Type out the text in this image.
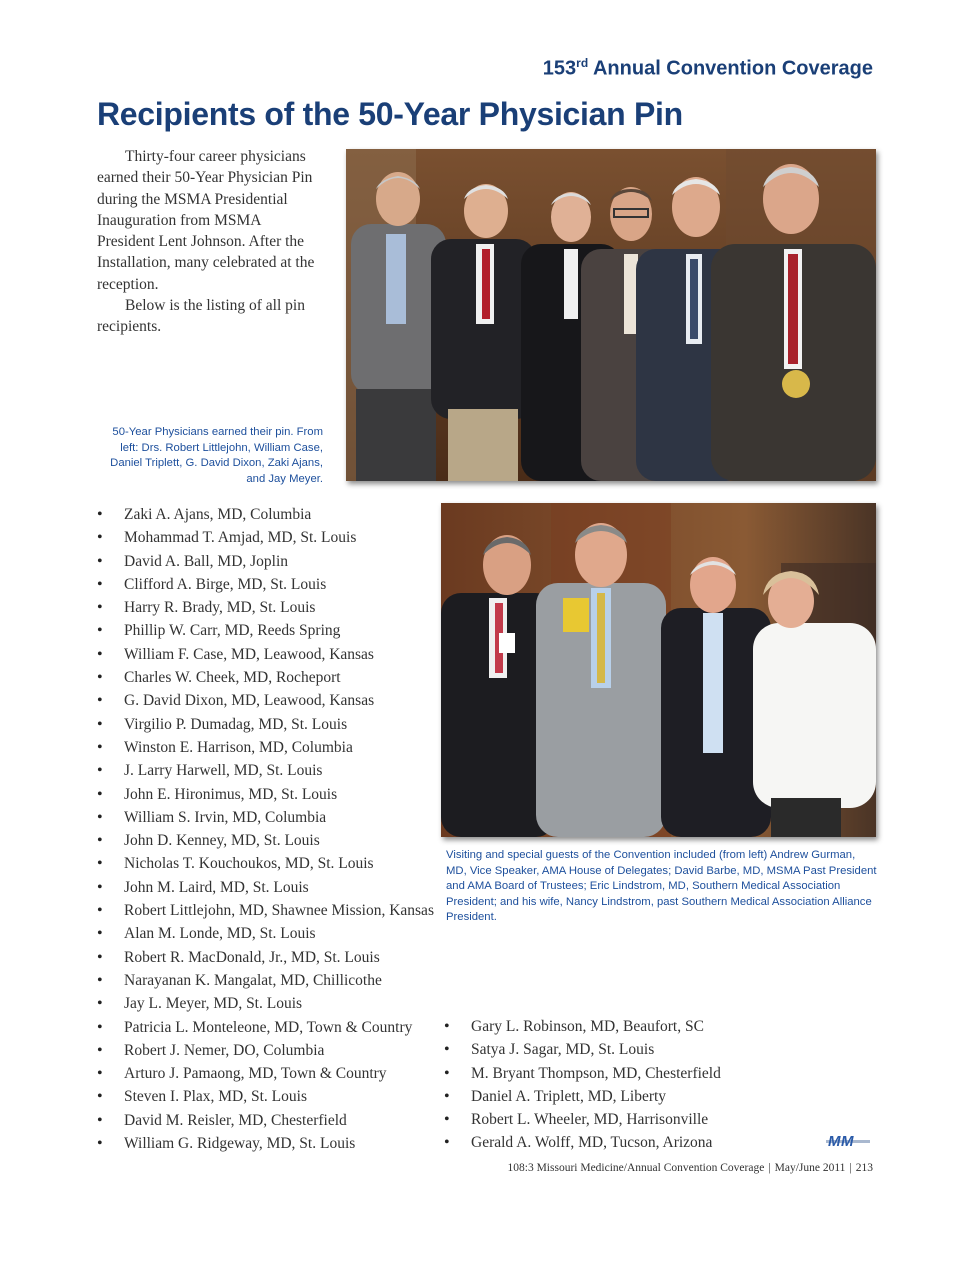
153rd Annual Convention Coverage
Recipients of the 50-Year Physician Pin

Thirty-four career physicians earned their 50-Year Physician Pin during the MSMA Presidential Inauguration from MSMA President Lent Johnson. After the Installation, many celebrated at the reception.

Below is the listing of all pin recipients.

50-Year Physicians earned their pin. From left: Drs. Robert Littlejohn, William Case, Daniel Triplett, G. David Dixon, Zaki Ajans, and Jay Meyer.
Visiting and special guests of the Convention included (from left) Andrew Gurman, MD, Vice Speaker, AMA House of Delegates; David Barbe, MD, MSMA Past President and AMA Board of Trustees; Eric Lindstrom, MD, Southern Medical Association President; and his wife, Nancy Lindstrom, past Southern Medical Association Alliance President.
• Zaki A. Ajans, MD, Columbia
• Mohammad T. Amjad, MD, St. Louis
• David A. Ball, MD, Joplin
• Clifford A. Birge, MD, St. Louis
• Harry R. Brady, MD, St. Louis
• Phillip W. Carr, MD, Reeds Spring
• William F. Case, MD, Leawood, Kansas
• Charles W. Cheek, MD, Rocheport
• G. David Dixon, MD, Leawood, Kansas
• Virgilio P. Dumadag, MD, St. Louis
• Winston E. Harrison, MD, Columbia
• J. Larry Harwell, MD, St. Louis
• John E. Hironimus, MD, St. Louis
• William S. Irvin, MD, Columbia
• John D. Kenney, MD, St. Louis
• Nicholas T. Kouchoukos, MD, St. Louis
• John M. Laird, MD, St. Louis
• Robert Littlejohn, MD, Shawnee Mission, Kansas
• Alan M. Londe, MD, St. Louis
• Robert R. MacDonald, Jr., MD, St. Louis
• Narayanan K. Mangalat, MD, Chillicothe
• Jay L. Meyer, MD, St. Louis
• Patricia L. Monteleone, MD, Town & Country
• Robert J. Nemer, DO, Columbia
• Arturo J. Pamaong, MD, Town & Country
• Steven I. Plax, MD, St. Louis
• David M. Reisler, MD, Chesterfield
• William G. Ridgeway, MD, St. Louis
• Gary L. Robinson, MD, Beaufort, SC
• Satya J. Sagar, MD, St. Louis
• M. Bryant Thompson, MD, Chesterfield
• Daniel A. Triplett, MD, Liberty
• Robert L. Wheeler, MD, Harrisonville
• Gerald A. Wolff, MD, Tucson, Arizona	MM
108:3 Missouri Medicine/Annual Convention Coverage | May/June 2011 | 213
